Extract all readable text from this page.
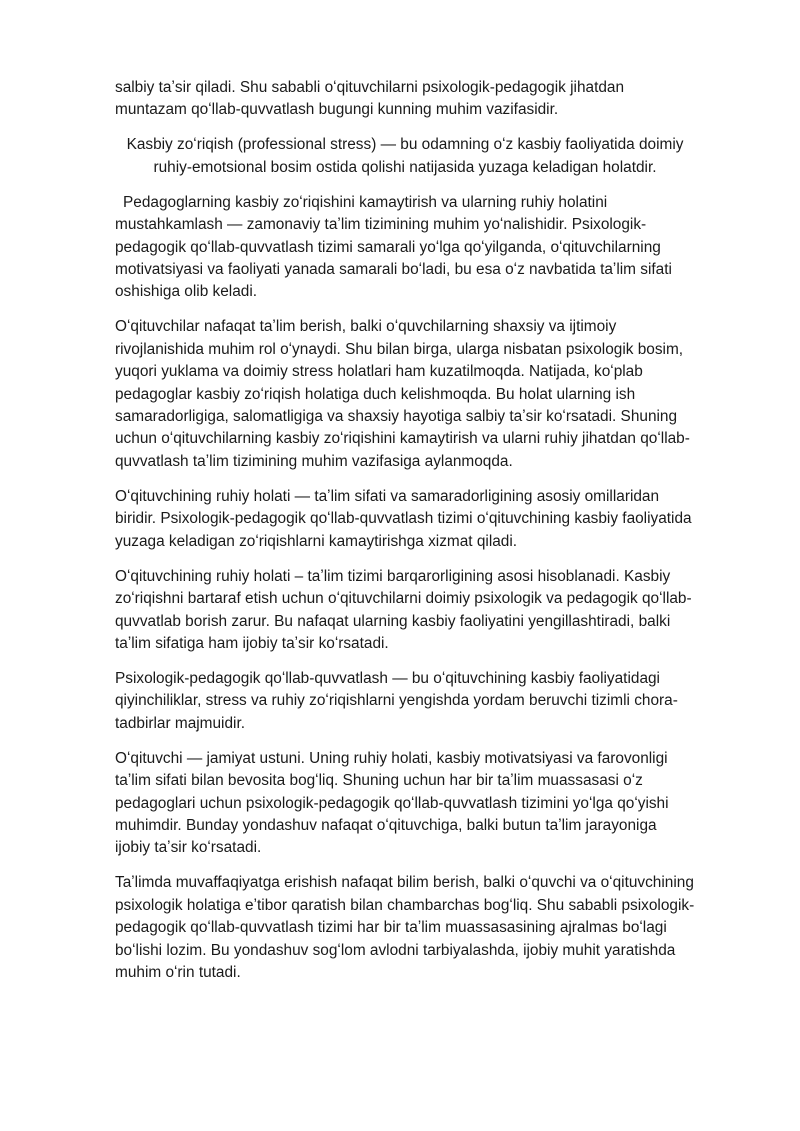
salbiy taʼsir qiladi. Shu sababli oʻqituvchilarni psixologik-pedagogik jihatdan muntazam qoʻllab-quvvatlash bugungi kunning muhim vazifasidir.

Kasbiy zoʻriqish (professional stress) — bu odamning oʻz kasbiy faoliyatida doimiy ruhiy-emotsional bosim ostida qolishi natijasida yuzaga keladigan holatdir.

Pedagoglarning kasbiy zoʻriqishini kamaytirish va ularning ruhiy holatini mustahkamlash — zamonaviy taʼlim tizimining muhim yoʻnalishidir. Psixologik-pedagogik qoʻllab-quvvatlash tizimi samarali yoʻlga qoʻyilganda, oʻqituvchilarning motivatsiyasi va faoliyati yanada samarali boʻladi, bu esa oʻz navbatida taʼlim sifati oshishiga olib keladi.

Oʻqituvchilar nafaqat taʼlim berish, balki oʻquvchilarning shaxsiy va ijtimoiy rivojlanishida muhim rol oʻynaydi. Shu bilan birga, ularga nisbatan psixologik bosim, yuqori yuklama va doimiy stress holatlari ham kuzatilmoqda. Natijada, koʻplab pedagoglar kasbiy zoʻriqish holatiga duch kelishmoqda. Bu holat ularning ish samaradorligiga, salomatligiga va shaxsiy hayotiga salbiy taʼsir koʻrsatadi. Shuning uchun oʻqituvchilarning kasbiy zoʻriqishini kamaytirish va ularni ruhiy jihatdan qoʻllab-quvvatlash taʼlim tizimining muhim vazifasiga aylanmoqda.

Oʻqituvchining ruhiy holati — taʼlim sifati va samaradorligining asosiy omillaridan biridir. Psixologik-pedagogik qoʻllab-quvvatlash tizimi oʻqituvchining kasbiy faoliyatida yuzaga keladigan zoʻriqishlarni kamaytirishga xizmat qiladi.

Oʻqituvchining ruhiy holati – taʼlim tizimi barqarorligining asosi hisoblanadi. Kasbiy zoʻriqishni bartaraf etish uchun oʻqituvchilarni doimiy psixologik va pedagogik qoʻllab-quvvatlab borish zarur. Bu nafaqat ularning kasbiy faoliyatini yengillashtiradi, balki taʼlim sifatiga ham ijobiy taʼsir koʻrsatadi.

Psixologik-pedagogik qoʻllab-quvvatlash — bu oʻqituvchining kasbiy faoliyatidagi qiyinchiliklar, stress va ruhiy zoʻriqishlarni yengishda yordam beruvchi tizimli chora-tadbirlar majmuidir.

Oʻqituvchi — jamiyat ustuni. Uning ruhiy holati, kasbiy motivatsiyasi va farovonligi taʼlim sifati bilan bevosita bogʻliq. Shuning uchun har bir taʼlim muassasasi oʻz pedagoglari uchun psixologik-pedagogik qoʻllab-quvvatlash tizimini yoʻlga qoʻyishi muhimdir. Bunday yondashuv nafaqat oʻqituvchiga, balki butun taʼlim jarayoniga ijobiy taʼsir koʻrsatadi.

Taʼlimda muvaffaqiyatga erishish nafaqat bilim berish, balki oʻquvchi va oʻqituvchining psixologik holatiga eʼtibor qaratish bilan chambarchas bogʻliq. Shu sababli psixologik-pedagogik qoʻllab-quvvatlash tizimi har bir taʼlim muassasasining ajralmas boʻlagi boʻlishi lozim. Bu yondashuv sogʻlom avlodni tarbiyalashda, ijobiy muhit yaratishda muhim oʻrin tutadi.
